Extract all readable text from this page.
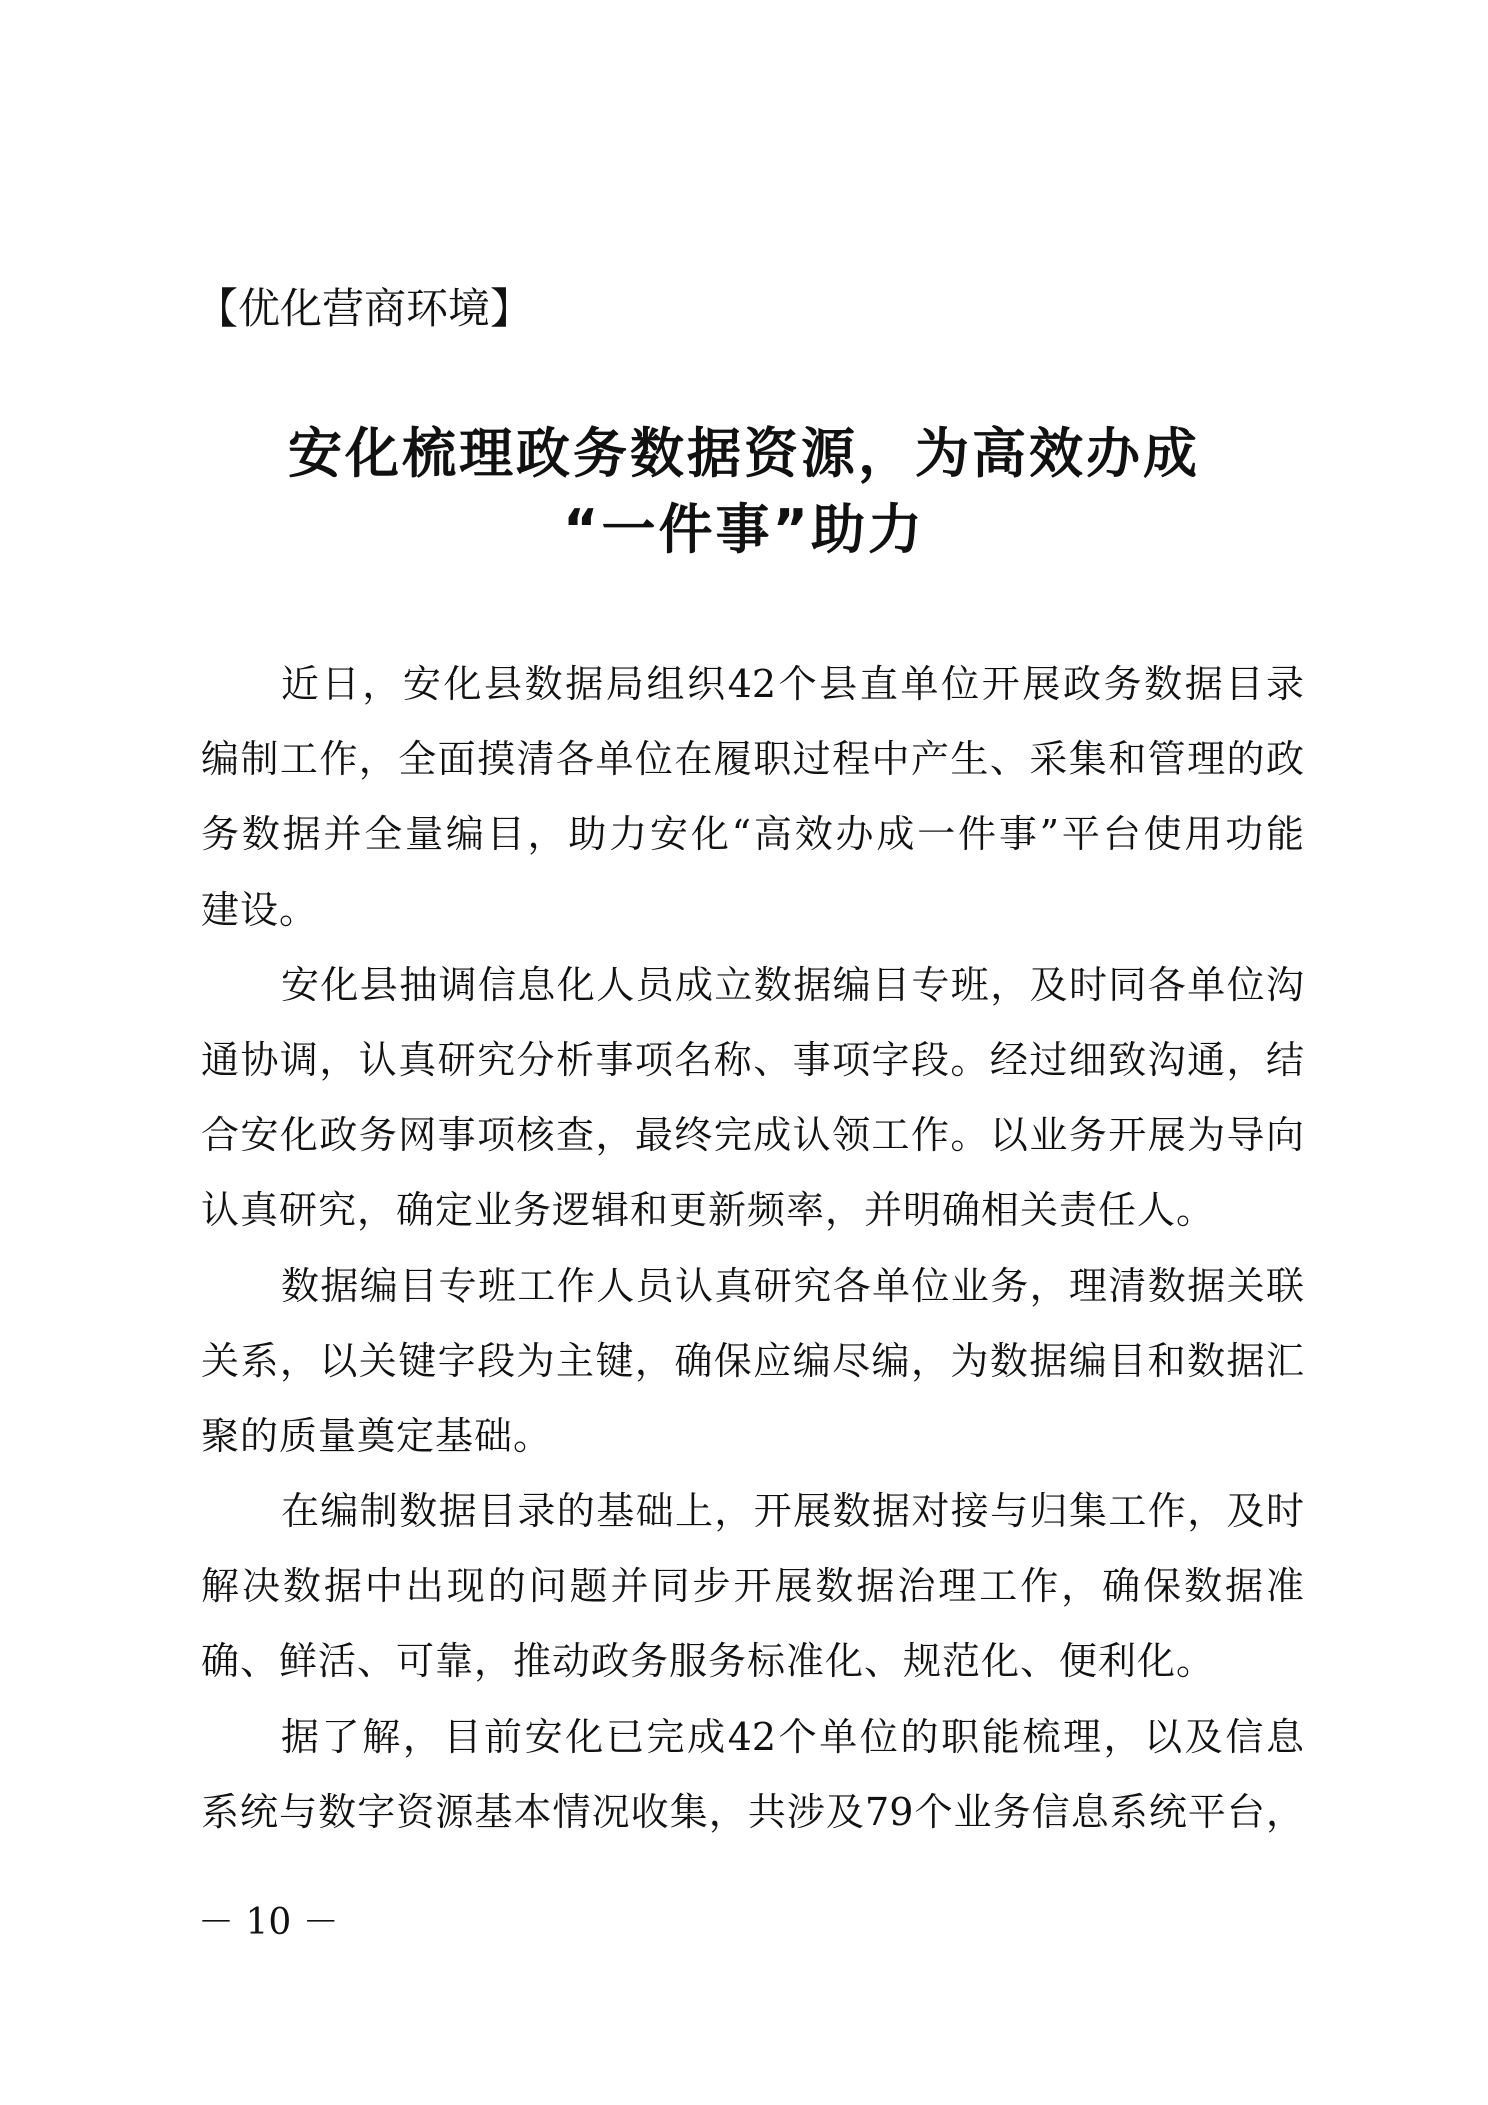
【优化营商环境】
安化梳理政务数据资源，为高效办成
“一件事”助力
近日，安化县数据局组织42个县直单位开展政务数据目录
编制工作，全面摸清各单位在履职过程中产生、采集和管理的政
务数据并全量编目，助力安化“高效办成一件事”平台使用功能
建设。
安化县抽调信息化人员成立数据编目专班，及时同各单位沟
通协调，认真研究分析事项名称、事项字段。经过细致沟通，结
合安化政务网事项核查，最终完成认领工作。以业务开展为导向
认真研究，确定业务逻辑和更新频率，并明确相关责任人。
数据编目专班工作人员认真研究各单位业务，理清数据关联
关系，以关键字段为主键，确保应编尽编，为数据编目和数据汇
聚的质量奠定基础。
在编制数据目录的基础上，开展数据对接与归集工作，及时
解决数据中出现的问题并同步开展数据治理工作，确保数据准
确、鲜活、可靠，推动政务服务标准化、规范化、便利化。
据了解，目前安化已完成42个单位的职能梳理，以及信息
系统与数字资源基本情况收集，共涉及79个业务信息系统平台，
－ 10 －
